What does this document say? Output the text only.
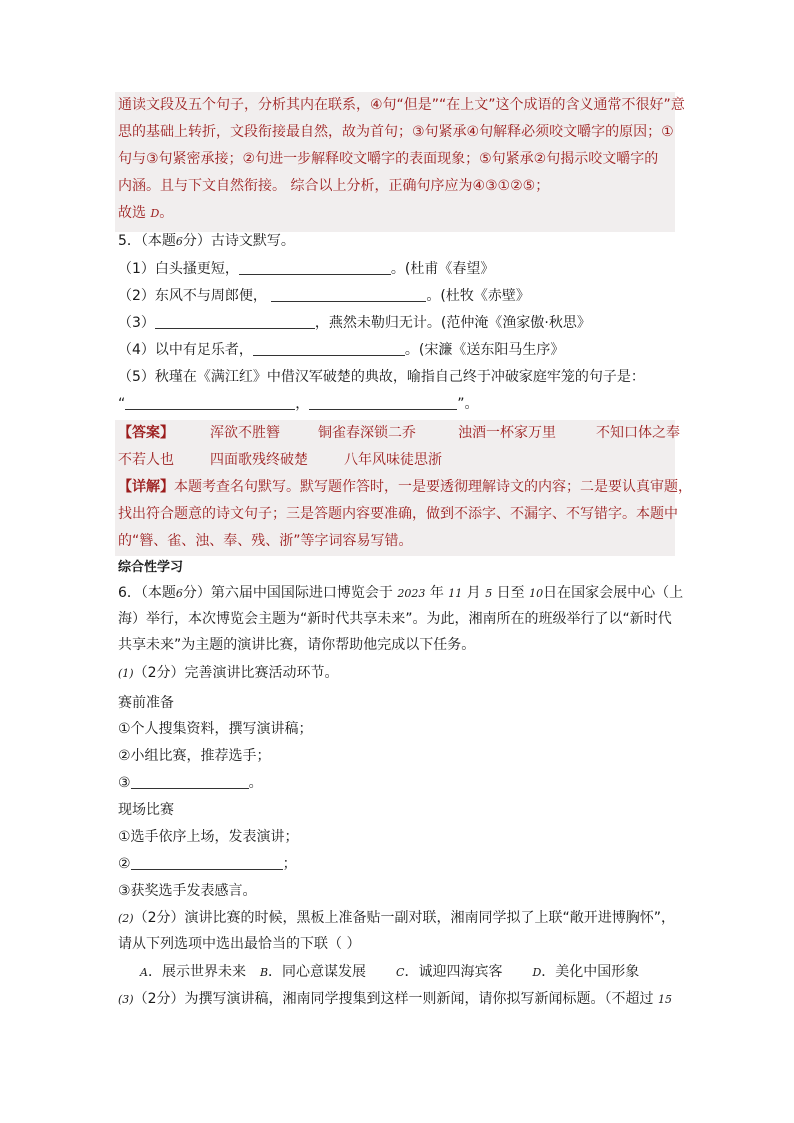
通读文段及五个句子，分析其内在联系，④句“但是”“在上文”这个成语的含义通常不很好”意
思的基础上转折，文段衔接最自然，故为首句；③句紧承④句解释必须咬文嚼字的原因；①
句与③句紧密承接；②句进一步解释咬文嚼字的表面现象；⑤句紧承②句揭示咬文嚼字的
内涵。且与下文自然衔接。 综合以上分析，正确句序应为④③①②⑤；
故选 D。
5．（本题6分）古诗文默写。
（1）白头搔更短，	。(杜甫《春望》
（2）东风不与周郎便，	。(杜牧《赤壁》
（3）	，燕然未勒归无计。(范仲淹《渔家傲·秋思》
（4）以中有足乐者，	。(宋濂《送东阳马生序》
（5）秋瑾在《满江红》中借汉军破楚的典故，喻指自己终于冲破家庭牢笼的句子是：
“	，	”。
【答案】	浑欲不胜簪	铜雀春深锁二乔	浊酒一杯家万里	不知口体之奉
不若人也	四面歌残终破楚	八年风味徒思浙
【详解】本题考查名句默写。默写题作答时，一是要透彻理解诗文的内容；二是要认真审题，
找出符合题意的诗文句子；三是答题内容要准确，做到不添字、不漏字、不写错字。本题中
的“簪、雀、浊、奉、残、浙”等字词容易写错。
综合性学习
6．（本题6分）第六届中国国际进口博览会于 2023 年 11 月 5 日至 10日在国家会展中心（上
海）举行，本次博览会主题为“新时代共享未来”。为此，湘南所在的班级举行了以“新时代
共享未来”为主题的演讲比赛，请你帮助他完成以下任务。
(1)（2分）完善演讲比赛活动环节。
赛前准备
①个人搜集资料，撰写演讲稿；
②小组比赛，推荐选手；
③	。
现场比赛
①选手依序上场，发表演讲；
②	；
③获奖选手发表感言。
(2)（2分）演讲比赛的时候，黑板上准备贴一副对联，湘南同学拟了上联“敞开进博胸怀”，
请从下列选项中选出最恰当的下联（ ）
A．展示世界未来 B．同心意谋发展	C．诚迎四海宾客	D．美化中国形象
(3)（2分）为撰写演讲稿，湘南同学搜集到这样一则新闻，请你拟写新闻标题。（不超过 15
